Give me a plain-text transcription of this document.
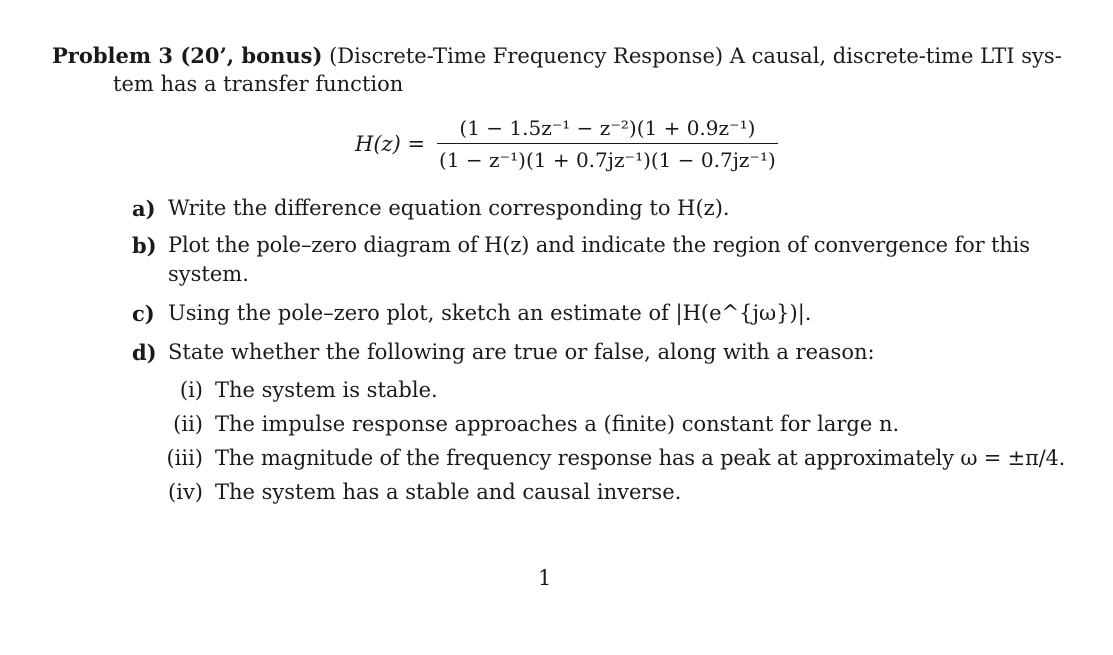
Problem 3 (20’, bonus) (Discrete-Time Frequency Response) A causal, discrete-time LTI sys-
tem has a transfer function
$H(z) = \frac{\text{(1 − 1.5z⁻¹ − z⁻²)(1 + 0.9z⁻¹)}}{\text{(1 − z⁻¹)(1 + 0.7jz⁻¹)(1 − 0.7jz⁻¹)}}$
a) Write the difference equation corresponding to H(z).
b) Plot the pole–zero diagram of H(z) and indicate the region of convergence for this
system.
c) Using the pole–zero plot, sketch an estimate of |H(e^{jω})|.
d) State whether the following are true or false, along with a reason:
(i) The system is stable.
(ii) The impulse response approaches a (finite) constant for large n.
(iii) The magnitude of the frequency response has a peak at approximately ω = ±π/4.
(iv) The system has a stable and causal inverse.
1
